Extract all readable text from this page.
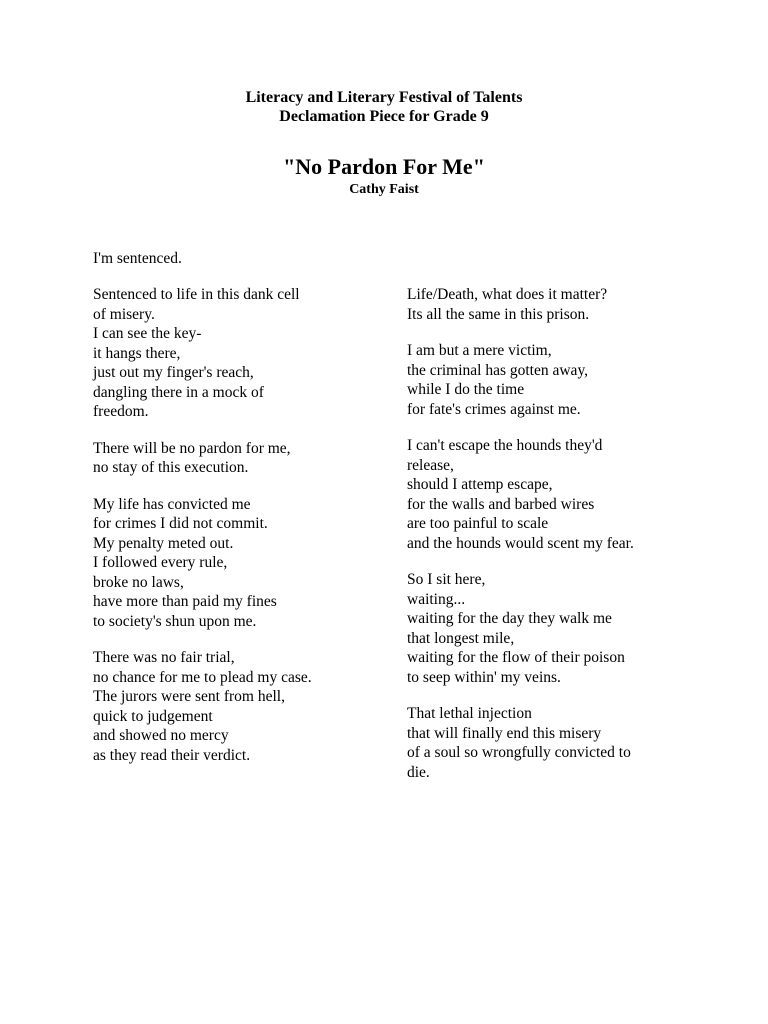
Literacy and Literary Festival of Talents

Declamation Piece for Grade 9

"No Pardon For Me"

Cathy Faist

I'm sentenced.

Sentenced to life in this dank cell
of misery.
I can see the key-
it hangs there,
just out my finger's reach,
dangling there in a mock of
freedom.

There will be no pardon for me,
no stay of this execution.

My life has convicted me
for crimes I did not commit.
My penalty meted out.
I followed every rule,
broke no laws,
have more than paid my fines
to society's shun upon me.

There was no fair trial,
no chance for me to plead my case.
The jurors were sent from hell,
quick to judgement
and showed no mercy
as they read their verdict.

Life/Death, what does it matter?
Its all the same in this prison.

I am but a mere victim,
the criminal has gotten away,
while I do the time
for fate's crimes against me.

I can't escape the hounds they'd
release,
should I attemp escape,
for the walls and barbed wires
are too painful to scale
and the hounds would scent my fear.

So I sit here,
waiting...
waiting for the day they walk me
that longest mile,
waiting for the flow of their poison
to seep within' my veins.

That lethal injection
that will finally end this misery
of a soul so wrongfully convicted to
die.
